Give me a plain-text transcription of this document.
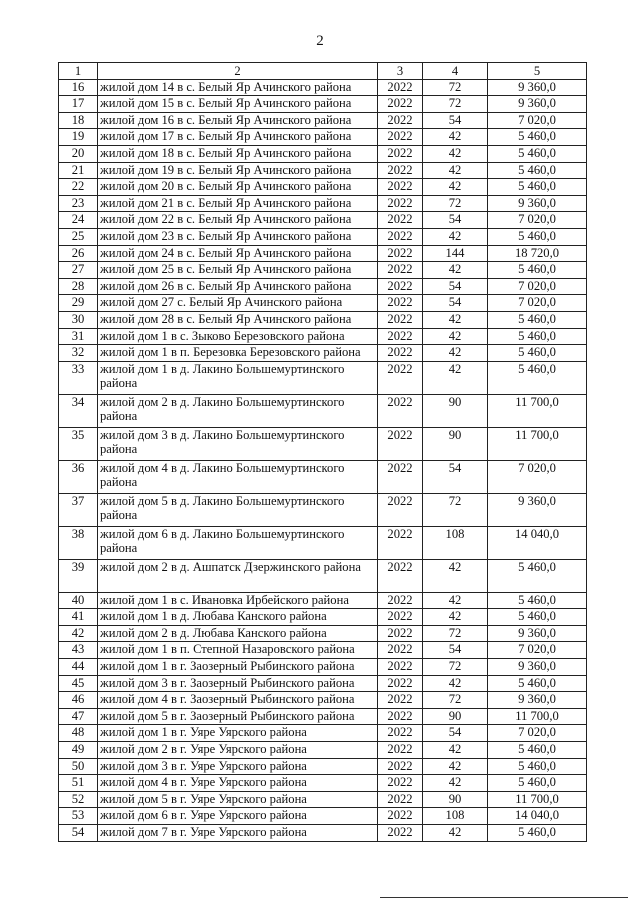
2
1	2	3	4	5
16	жилой дом 14 в с. Белый Яр Ачинского района	2022	72	9 360,0
17	жилой дом 15 в с. Белый Яр Ачинского района	2022	72	9 360,0
18	жилой дом 16 в с. Белый Яр Ачинского района	2022	54	7 020,0
19	жилой дом 17 в с. Белый Яр Ачинского района	2022	42	5 460,0
20	жилой дом 18 в с. Белый Яр Ачинского района	2022	42	5 460,0
21	жилой дом 19 в с. Белый Яр Ачинского района	2022	42	5 460,0
22	жилой дом 20 в с. Белый Яр Ачинского района	2022	42	5 460,0
23	жилой дом 21 в с. Белый Яр Ачинского района	2022	72	9 360,0
24	жилой дом 22 в с. Белый Яр Ачинского района	2022	54	7 020,0
25	жилой дом 23 в с. Белый Яр Ачинского района	2022	42	5 460,0
26	жилой дом 24 в с. Белый Яр Ачинского района	2022	144	18 720,0
27	жилой дом 25 в с. Белый Яр Ачинского района	2022	42	5 460,0
28	жилой дом 26 в с. Белый Яр Ачинского района	2022	54	7 020,0
29	жилой дом 27 с. Белый Яр Ачинского района	2022	54	7 020,0
30	жилой дом 28 в с. Белый Яр Ачинского района	2022	42	5 460,0
31	жилой дом 1 в с. Зыково Березовского района	2022	42	5 460,0
32	жилой дом 1 в п. Березовка Березовского района	2022	42	5 460,0
33	жилой дом 1 в д. Лакино Большемуртинского района	2022	42	5 460,0
34	жилой дом 2 в д. Лакино Большемуртинского района	2022	90	11 700,0
35	жилой дом 3 в д. Лакино Большемуртинского района	2022	90	11 700,0
36	жилой дом 4 в д. Лакино Большемуртинского района	2022	54	7 020,0
37	жилой дом 5 в д. Лакино Большемуртинского района	2022	72	9 360,0
38	жилой дом 6 в д. Лакино Большемуртинского района	2022	108	14 040,0
39	жилой дом 2 в д. Ашпатск Дзержинского района	2022	42	5 460,0
40	жилой дом 1 в с. Ивановка Ирбейского района	2022	42	5 460,0
41	жилой дом 1 в д. Любава Канского района	2022	42	5 460,0
42	жилой дом 2 в д. Любава Канского района	2022	72	9 360,0
43	жилой дом 1 в п. Степной Назаровского района	2022	54	7 020,0
44	жилой дом 1 в г. Заозерный Рыбинского района	2022	72	9 360,0
45	жилой дом 3 в г. Заозерный Рыбинского района	2022	42	5 460,0
46	жилой дом 4 в г. Заозерный Рыбинского района	2022	72	9 360,0
47	жилой дом 5 в г. Заозерный Рыбинского района	2022	90	11 700,0
48	жилой дом 1 в г. Уяре Уярского района	2022	54	7 020,0
49	жилой дом 2 в г. Уяре Уярского района	2022	42	5 460,0
50	жилой дом 3 в г. Уяре Уярского района	2022	42	5 460,0
51	жилой дом 4 в г. Уяре Уярского района	2022	42	5 460,0
52	жилой дом 5 в г. Уяре Уярского района	2022	90	11 700,0
53	жилой дом 6 в г. Уяре Уярского района	2022	108	14 040,0
54	жилой дом 7 в г. Уяре Уярского района	2022	42	5 460,0
